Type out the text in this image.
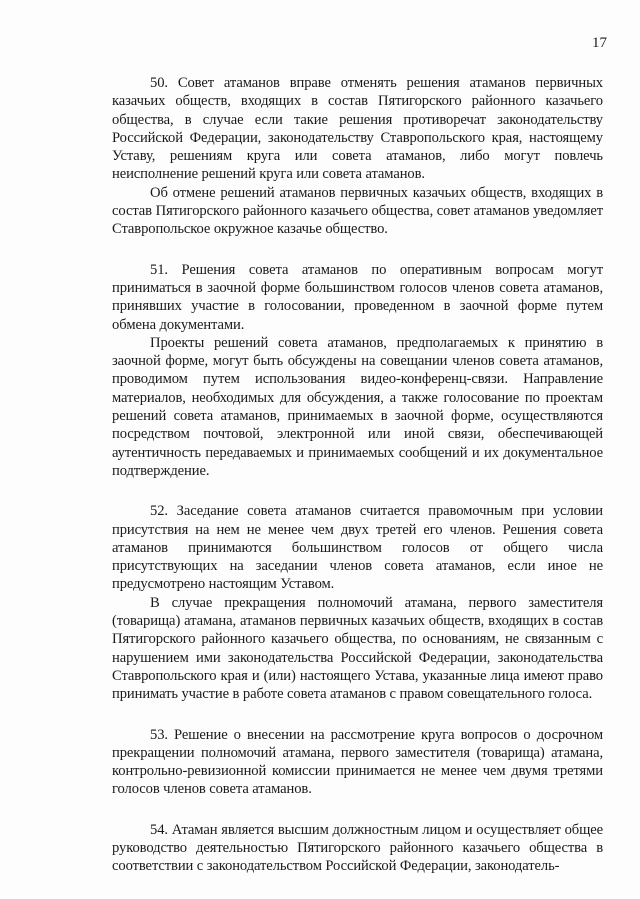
17

50. Совет атаманов вправе отменять решения атаманов первичных казачьих обществ, входящих в состав Пятигорского районного казачьего общества, в случае если такие решения противоречат законодательству Российской Федерации, законодательству Ставропольского края, настоящему Уставу, решениям круга или совета атаманов, либо могут повлечь неисполнение решений круга или совета атаманов.

Об отмене решений атаманов первичных казачьих обществ, входящих в состав Пятигорского районного казачьего общества, совет атаманов уведомляет Ставропольское окружное казачье общество.

51. Решения совета атаманов по оперативным вопросам могут приниматься в заочной форме большинством голосов членов совета атаманов, принявших участие в голосовании, проведенном в заочной форме путем обмена документами.

Проекты решений совета атаманов, предполагаемых к принятию в заочной форме, могут быть обсуждены на совещании членов совета атаманов, проводимом путем использования видео-конференц-связи. Направление материалов, необходимых для обсуждения, а также голосование по проектам решений совета атаманов, принимаемых в заочной форме, осуществляются посредством почтовой, электронной или иной связи, обеспечивающей аутентичность передаваемых и принимаемых сообщений и их документальное подтверждение.

52. Заседание совета атаманов считается правомочным при условии присутствия на нем не менее чем двух третей его членов. Решения совета атаманов принимаются большинством голосов от общего числа присутствующих на заседании членов совета атаманов, если иное не предусмотрено настоящим Уставом.

В случае прекращения полномочий атамана, первого заместителя (товарища) атамана, атаманов первичных казачьих обществ, входящих в состав Пятигорского районного казачьего общества, по основаниям, не связанным с нарушением ими законодательства Российской Федерации, законодательства Ставропольского края и (или) настоящего Устава, указанные лица имеют право принимать участие в работе совета атаманов с правом совещательного голоса.

53. Решение о внесении на рассмотрение круга вопросов о досрочном прекращении полномочий атамана, первого заместителя (товарища) атамана, контрольно-ревизионной комиссии принимается не менее чем двумя третями голосов членов совета атаманов.

54. Атаман является высшим должностным лицом и осуществляет общее руководство деятельностью Пятигорского районного казачьего общества в соответствии с законодательством Российской Федерации, законодатель-
